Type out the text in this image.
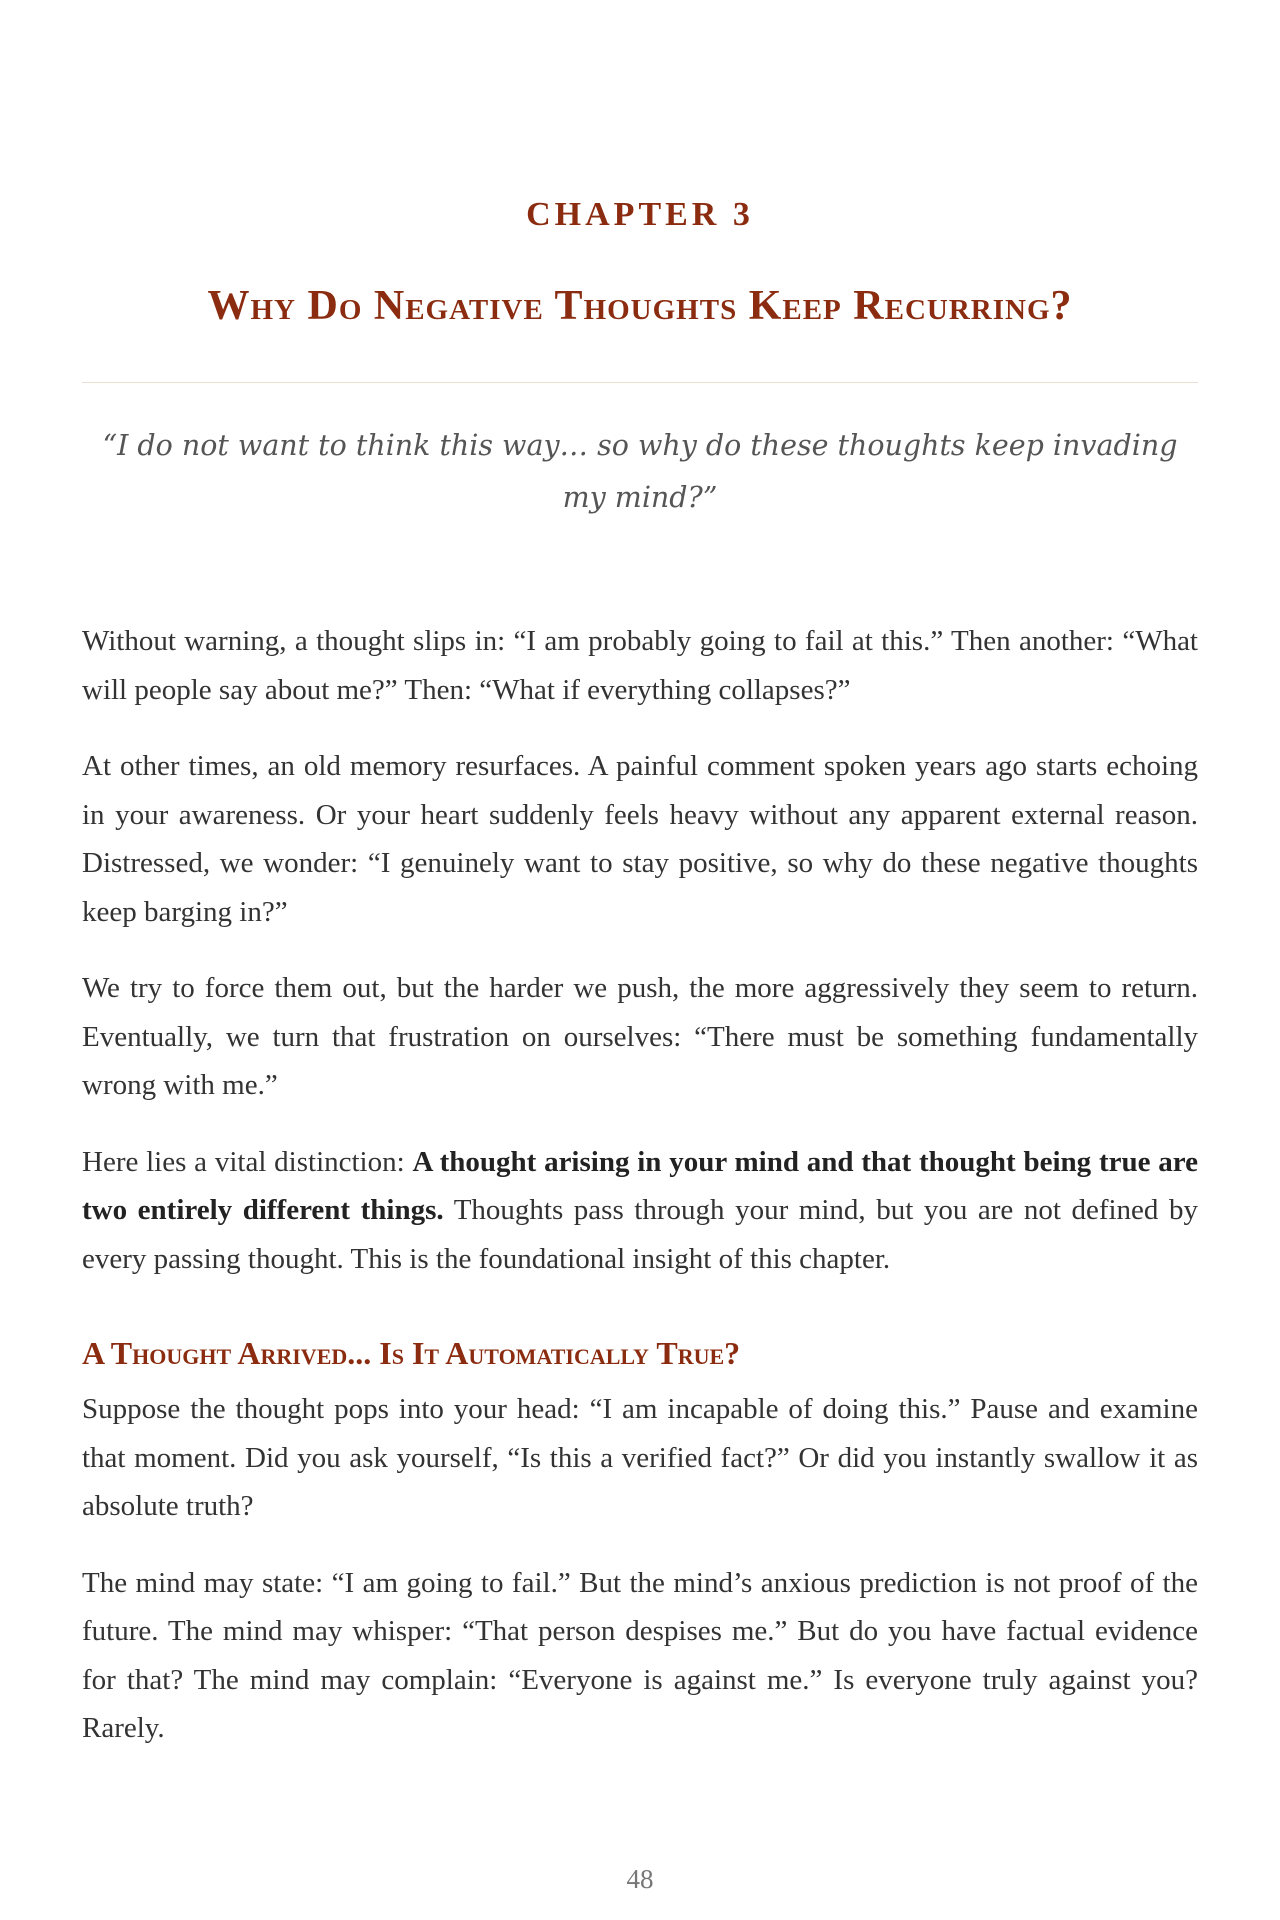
CHAPTER 3
Why Do Negative Thoughts Keep Recurring?
“I do not want to think this way… so why do these thoughts keep invading my mind?”

Without warning, a thought slips in: “I am probably going to fail at this.” Then another: “What will people say about me?” Then: “What if everything collapses?”

At other times, an old memory resurfaces. A painful comment spoken years ago starts echoing in your awareness. Or your heart suddenly feels heavy without any apparent external reason. Distressed, we wonder: “I genuinely want to stay positive, so why do these negative thoughts keep barging in?”

We try to force them out, but the harder we push, the more aggressively they seem to return. Eventually, we turn that frustration on ourselves: “There must be something fundamentally wrong with me.”

Here lies a vital distinction: A thought arising in your mind and that thought being true are two entirely different things. Thoughts pass through your mind, but you are not defined by every passing thought. This is the foundational insight of this chapter.

A Thought Arrived... Is It Automatically True?

Suppose the thought pops into your head: “I am incapable of doing this.” Pause and examine that moment. Did you ask yourself, “Is this a verified fact?” Or did you instantly swallow it as absolute truth?

The mind may state: “I am going to fail.” But the mind’s anxious prediction is not proof of the future. The mind may whisper: “That person despises me.” But do you have factual evidence for that? The mind may complain: “Everyone is against me.” Is everyone truly against you? Rarely.

48
